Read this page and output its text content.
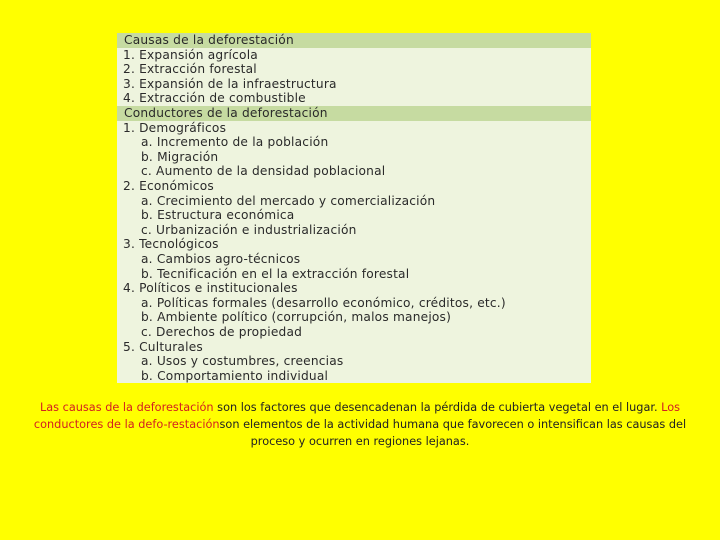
Causas de la deforestación
1. Expansión agrícola
2. Extracción forestal
3. Expansión de la infraestructura
4. Extracción de combustible
Conductores de la deforestación
1. Demográficos
a. Incremento de la población
b. Migración
c. Aumento de la densidad poblacional
2. Económicos
a. Crecimiento del mercado y comercialización
b. Estructura económica
c. Urbanización e industrialización
3. Tecnológicos
a. Cambios agro-técnicos
b. Tecnificación en el la extracción forestal
4. Políticos e institucionales
a. Políticas formales (desarrollo económico, créditos, etc.)
b. Ambiente político (corrupción, malos manejos)
c. Derechos de propiedad
5. Culturales
a. Usos y costumbres, creencias
b. Comportamiento individual
Las causas de la deforestación son los factores que desencadenan la pérdida de cubierta vegetal en el lugar. Los conductores de la defo-restaciónson elementos de la actividad humana que favorecen o intensifican las causas del proceso y ocurren en regiones lejanas.
